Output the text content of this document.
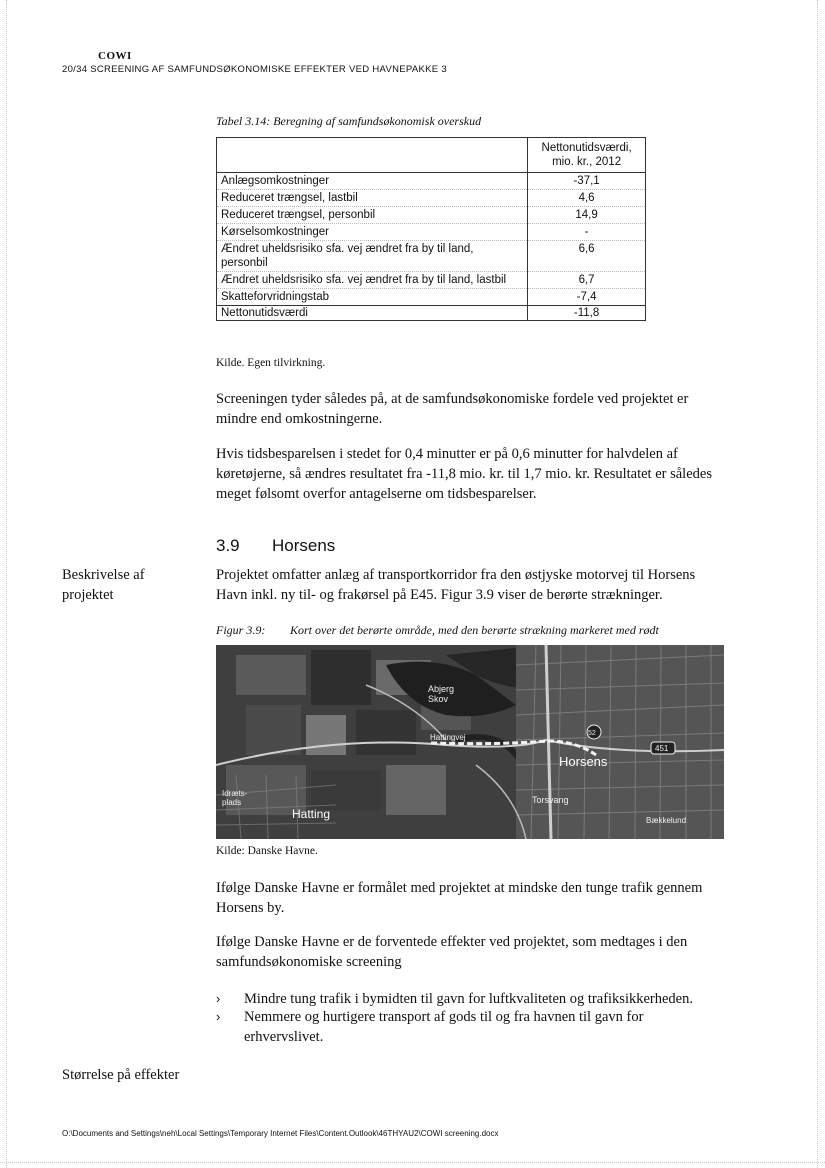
COWI
20/34 SCREENING AF SAMFUNDSØKONOMISKE EFFEKTER VED HAVNEPAKKE 3
Tabel 3.14: Beregning af samfundsøkonomisk overskud
	Nettonutidsværdi,
mio. kr., 2012
Anlægsomkostninger	-37,1
Reduceret trængsel, lastbil	4,6
Reduceret trængsel, personbil	14,9
Kørselsomkostninger	-
Ændret uheldsrisiko sfa. vej ændret fra by til land, personbil	6,6
Ændret uheldsrisiko sfa. vej ændret fra by til land, lastbil	6,7
Skatteforvridningstab	-7,4
Nettonutidsværdi	-11,8
Kilde. Egen tilvirkning.
Screeningen tyder således på, at de samfundsøkonomiske fordele ved projektet er mindre end omkostningerne.
Hvis tidsbesparelsen i stedet for 0,4 minutter er på 0,6 minutter for halvdelen af køretøjerne, så ændres resultatet fra -11,8 mio. kr. til 1,7 mio. kr. Resultatet er således meget følsomt overfor antagelserne om tidsbesparelser.
3.9 Horsens
Beskrivelse af projektet
Projektet omfatter anlæg af transportkorridor fra den østjyske motorvej til Horsens Havn inkl. ny til- og frakørsel på E45. Figur 3.9 viser de berørte strækninger.
Figur 3.9: Kort over det berørte område, med den berørte strækning markeret med rødt
Abjerg
Skov
Hattingvej
Horsens
Idræts-
plads
Hatting
Torsvang
Bækkelund
451
52
Kilde: Danske Havne.
Ifølge Danske Havne er formålet med projektet at mindske den tunge trafik gennem Horsens by.
Ifølge Danske Havne er de forventede effekter ved projektet, som medtages i den samfundsøkonomiske screening
› Mindre tung trafik i bymidten til gavn for luftkvaliteten og trafiksikkerheden.
› Nemmere og hurtigere transport af gods til og fra havnen til gavn for erhvervslivet.
Størrelse på effekter
O:\Documents and Settings\neh\Local Settings\Temporary Internet Files\Content.Outlook\46THYAU2\COWI screening.docx
